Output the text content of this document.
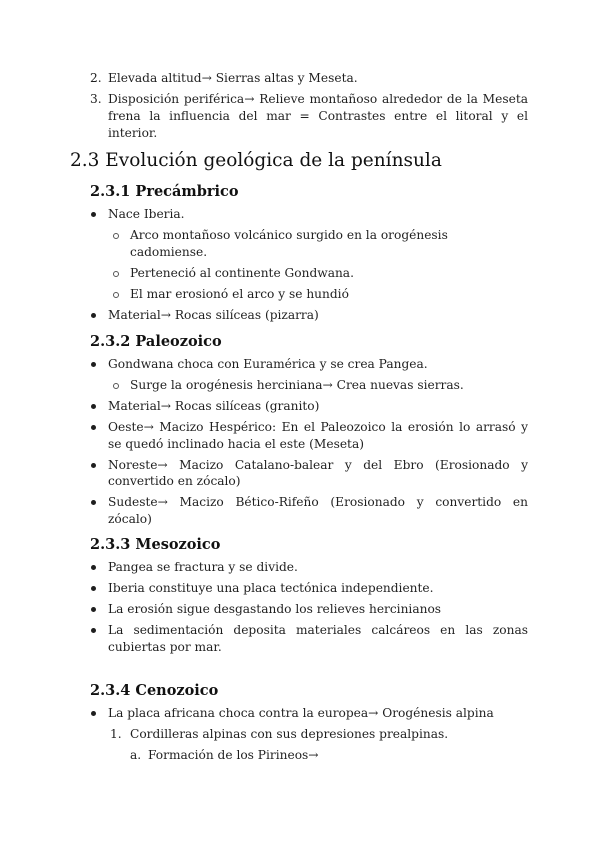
2. Elevada altitud→ Sierras altas y Meseta.
3. Disposición periférica→ Relieve montañoso alrededor de la Meseta frena la influencia del mar = Contrastes entre el litoral y el interior.
2.3 Evolución geológica de la península
2.3.1 Precámbrico
Nace Iberia.
Arco montañoso volcánico surgido en la orogénesis cadomiense.
Perteneció al continente Gondwana.
El mar erosionó el arco y se hundió
Material→ Rocas silíceas (pizarra)
2.3.2 Paleozoico
Gondwana choca con Euramérica y se crea Pangea.
Surge la orogénesis herciniana→ Crea nuevas sierras.
Material→ Rocas silíceas (granito)
Oeste→ Macizo Hespérico: En el Paleozoico la erosión lo arrasó y se quedó inclinado hacia el este (Meseta)
Noreste→ Macizo Catalano-balear y del Ebro (Erosionado y convertido en zócalo)
Sudeste→ Macizo Bético-Rifeño (Erosionado y convertido en zócalo)
2.3.3 Mesozoico
Pangea se fractura y se divide.
Iberia constituye una placa tectónica independiente.
La erosión sigue desgastando los relieves hercinianos
La sedimentación deposita materiales calcáreos en las zonas cubiertas por mar.
2.3.4 Cenozoico
La placa africana choca contra la europea→ Orogénesis alpina
1. Cordilleras alpinas con sus depresiones prealpinas.
a. Formación de los Pirineos→
